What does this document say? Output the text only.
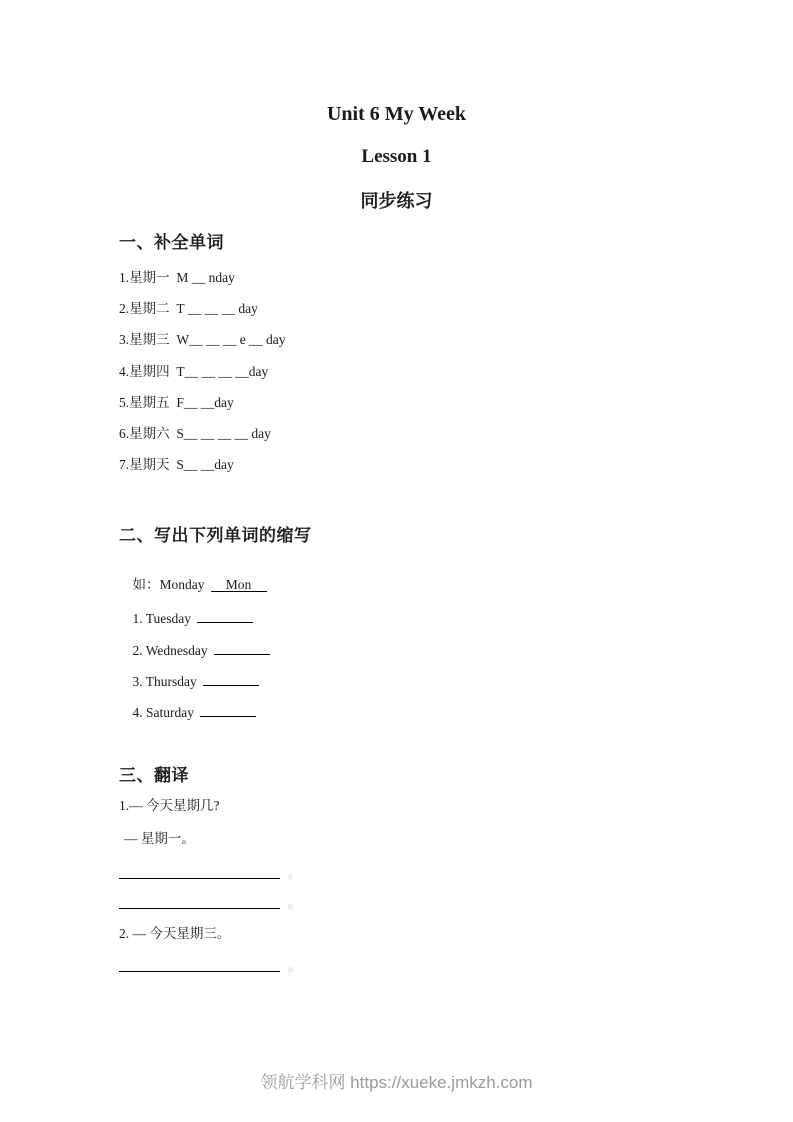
Unit 6 My Week
Lesson 1
同步练习
一、补全单词
1.星期一  M __ nday
2.星期二  T __ __ __ day
3.星期三  W__ __ __ e __ day
4.星期四  T__ __ __ __day
5.星期五  F__ __day
6.星期六  S__ __ __ __ day
7.星期天  S__ __day
二、写出下列单词的缩写

如：Monday Mon

1. Tuesday

2. Wednesday

3. Thursday

4. Saturday

三、翻译
1.— 今天星期几?
— 星期一。
※
※
2. — 今天星期三。
※
领航学科网 https://xueke.jmkzh.com
